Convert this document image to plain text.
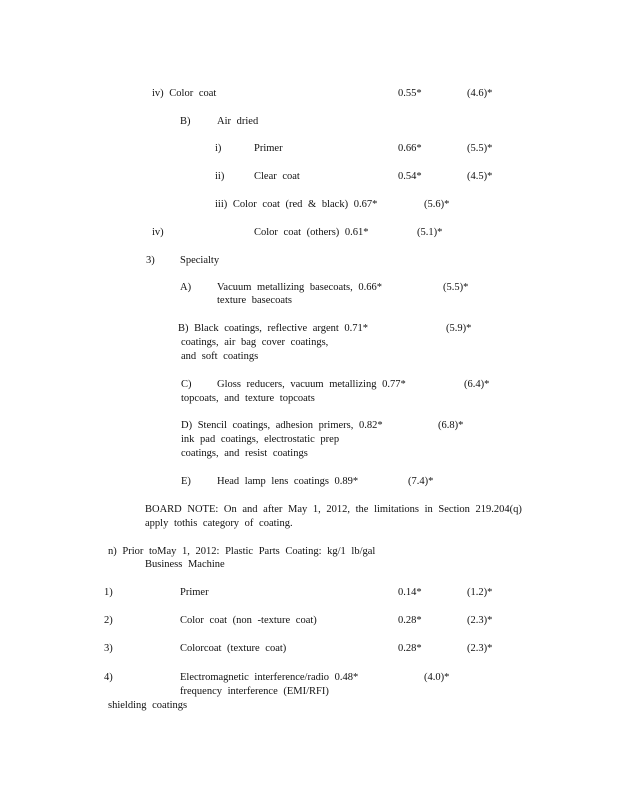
iv) Color coat	0.55*	(4.6)*
B)	Air dried
i)	Primer	0.66*	(5.5)*
ii)	Clear coat	0.54*	(4.5)*
iii) Color coat (red & black) 0.67*	(5.6)*
iv)	Color coat (others) 0.61*	(5.1)*
3) Specialty
A) Vacuum metallizing basecoats, 0.66*	(5.5)*
texture basecoats
B) Black coatings, reflective argent 0.71*	(5.9)*
coatings, air bag cover coatings,
and soft coatings
C) Gloss reducers, vacuum metallizing 0.77*	(6.4)*
topcoats, and texture topcoats
D) Stencil coatings, adhesion primers, 0.82*	(6.8)*
ink pad coatings, electrostatic prep
coatings, and resist coatings
E) Head lamp lens coatings 0.89*	(7.4)*
BOARD NOTE: On and after May 1, 2012, the limitations in Section 219.204(q)
apply tothis category of coating.
n) Prior toMay 1, 2012: Plastic Parts Coating: kg/1 lb/gal
Business Machine
1)	Primer	0.14*	(1.2)*
2)	Color coat (non -texture coat)	0.28*	(2.3)*
3)	Colorcoat (texture coat)	0.28*	(2.3)*
4)	Electromagnetic interference/radio 0.48*	(4.0)*
frequency interference (EMI/RFI)
shielding coatings
